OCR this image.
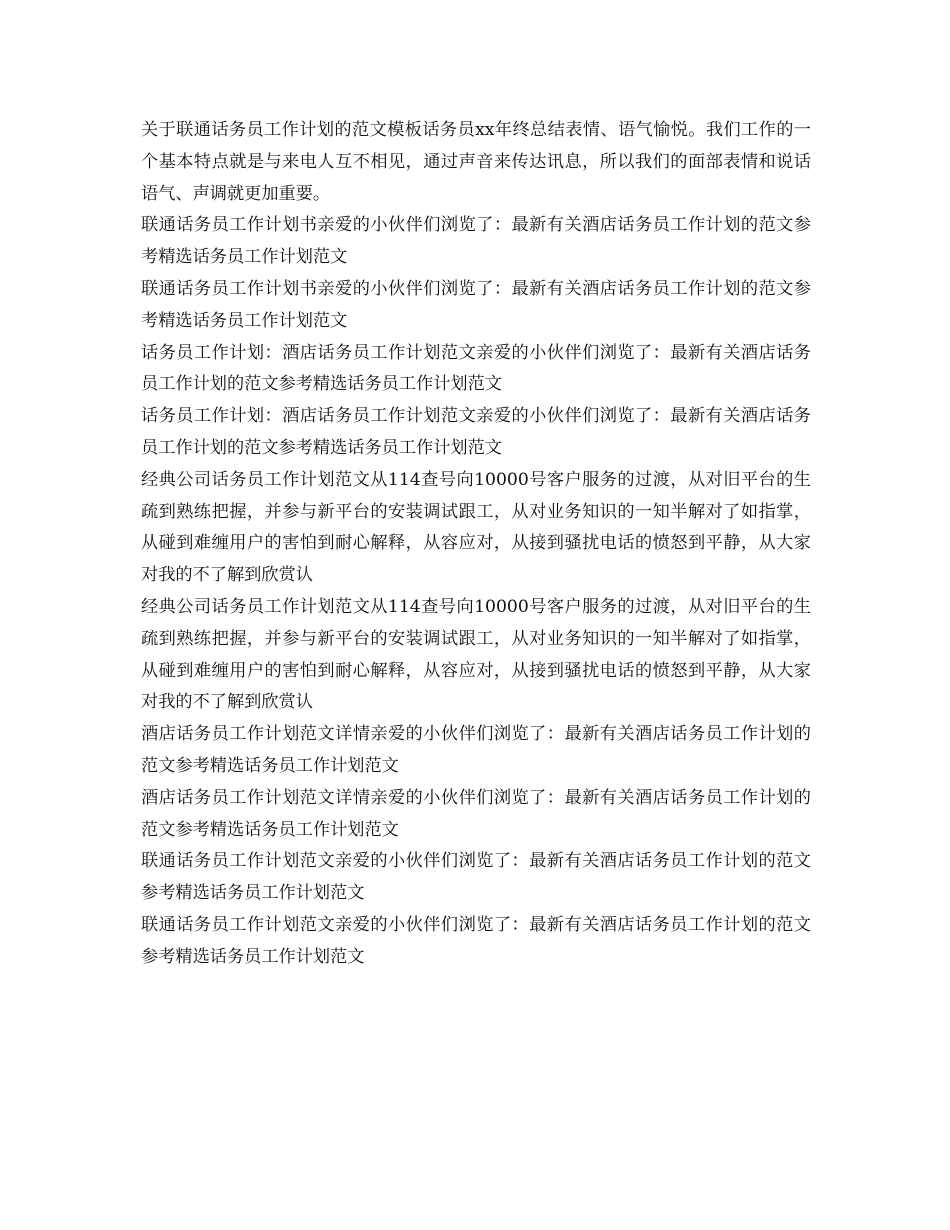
关于联通话务员工作计划的范文模板话务员xx年终总结表情、语气愉悦。我们工作的一个基本特点就是与来电人互不相见，通过声音来传达讯息，所以我们的面部表情和说话语气、声调就更加重要。

联通话务员工作计划书亲爱的小伙伴们浏览了：最新有关酒店话务员工作计划的范文参考精选话务员工作计划范文

联通话务员工作计划书亲爱的小伙伴们浏览了：最新有关酒店话务员工作计划的范文参考精选话务员工作计划范文

话务员工作计划：酒店话务员工作计划范文亲爱的小伙伴们浏览了：最新有关酒店话务员工作计划的范文参考精选话务员工作计划范文

话务员工作计划：酒店话务员工作计划范文亲爱的小伙伴们浏览了：最新有关酒店话务员工作计划的范文参考精选话务员工作计划范文

经典公司话务员工作计划范文从114查号向10000号客户服务的过渡，从对旧平台的生疏到熟练把握，并参与新平台的安装调试跟工，从对业务知识的一知半解对了如指掌，从碰到难缠用户的害怕到耐心解释，从容应对，从接到骚扰电话的愤怒到平静，从大家对我的不了解到欣赏认

经典公司话务员工作计划范文从114查号向10000号客户服务的过渡，从对旧平台的生疏到熟练把握，并参与新平台的安装调试跟工，从对业务知识的一知半解对了如指掌，从碰到难缠用户的害怕到耐心解释，从容应对，从接到骚扰电话的愤怒到平静，从大家对我的不了解到欣赏认

酒店话务员工作计划范文详情亲爱的小伙伴们浏览了：最新有关酒店话务员工作计划的范文参考精选话务员工作计划范文

酒店话务员工作计划范文详情亲爱的小伙伴们浏览了：最新有关酒店话务员工作计划的范文参考精选话务员工作计划范文

联通话务员工作计划范文亲爱的小伙伴们浏览了：最新有关酒店话务员工作计划的范文参考精选话务员工作计划范文

联通话务员工作计划范文亲爱的小伙伴们浏览了：最新有关酒店话务员工作计划的范文参考精选话务员工作计划范文
